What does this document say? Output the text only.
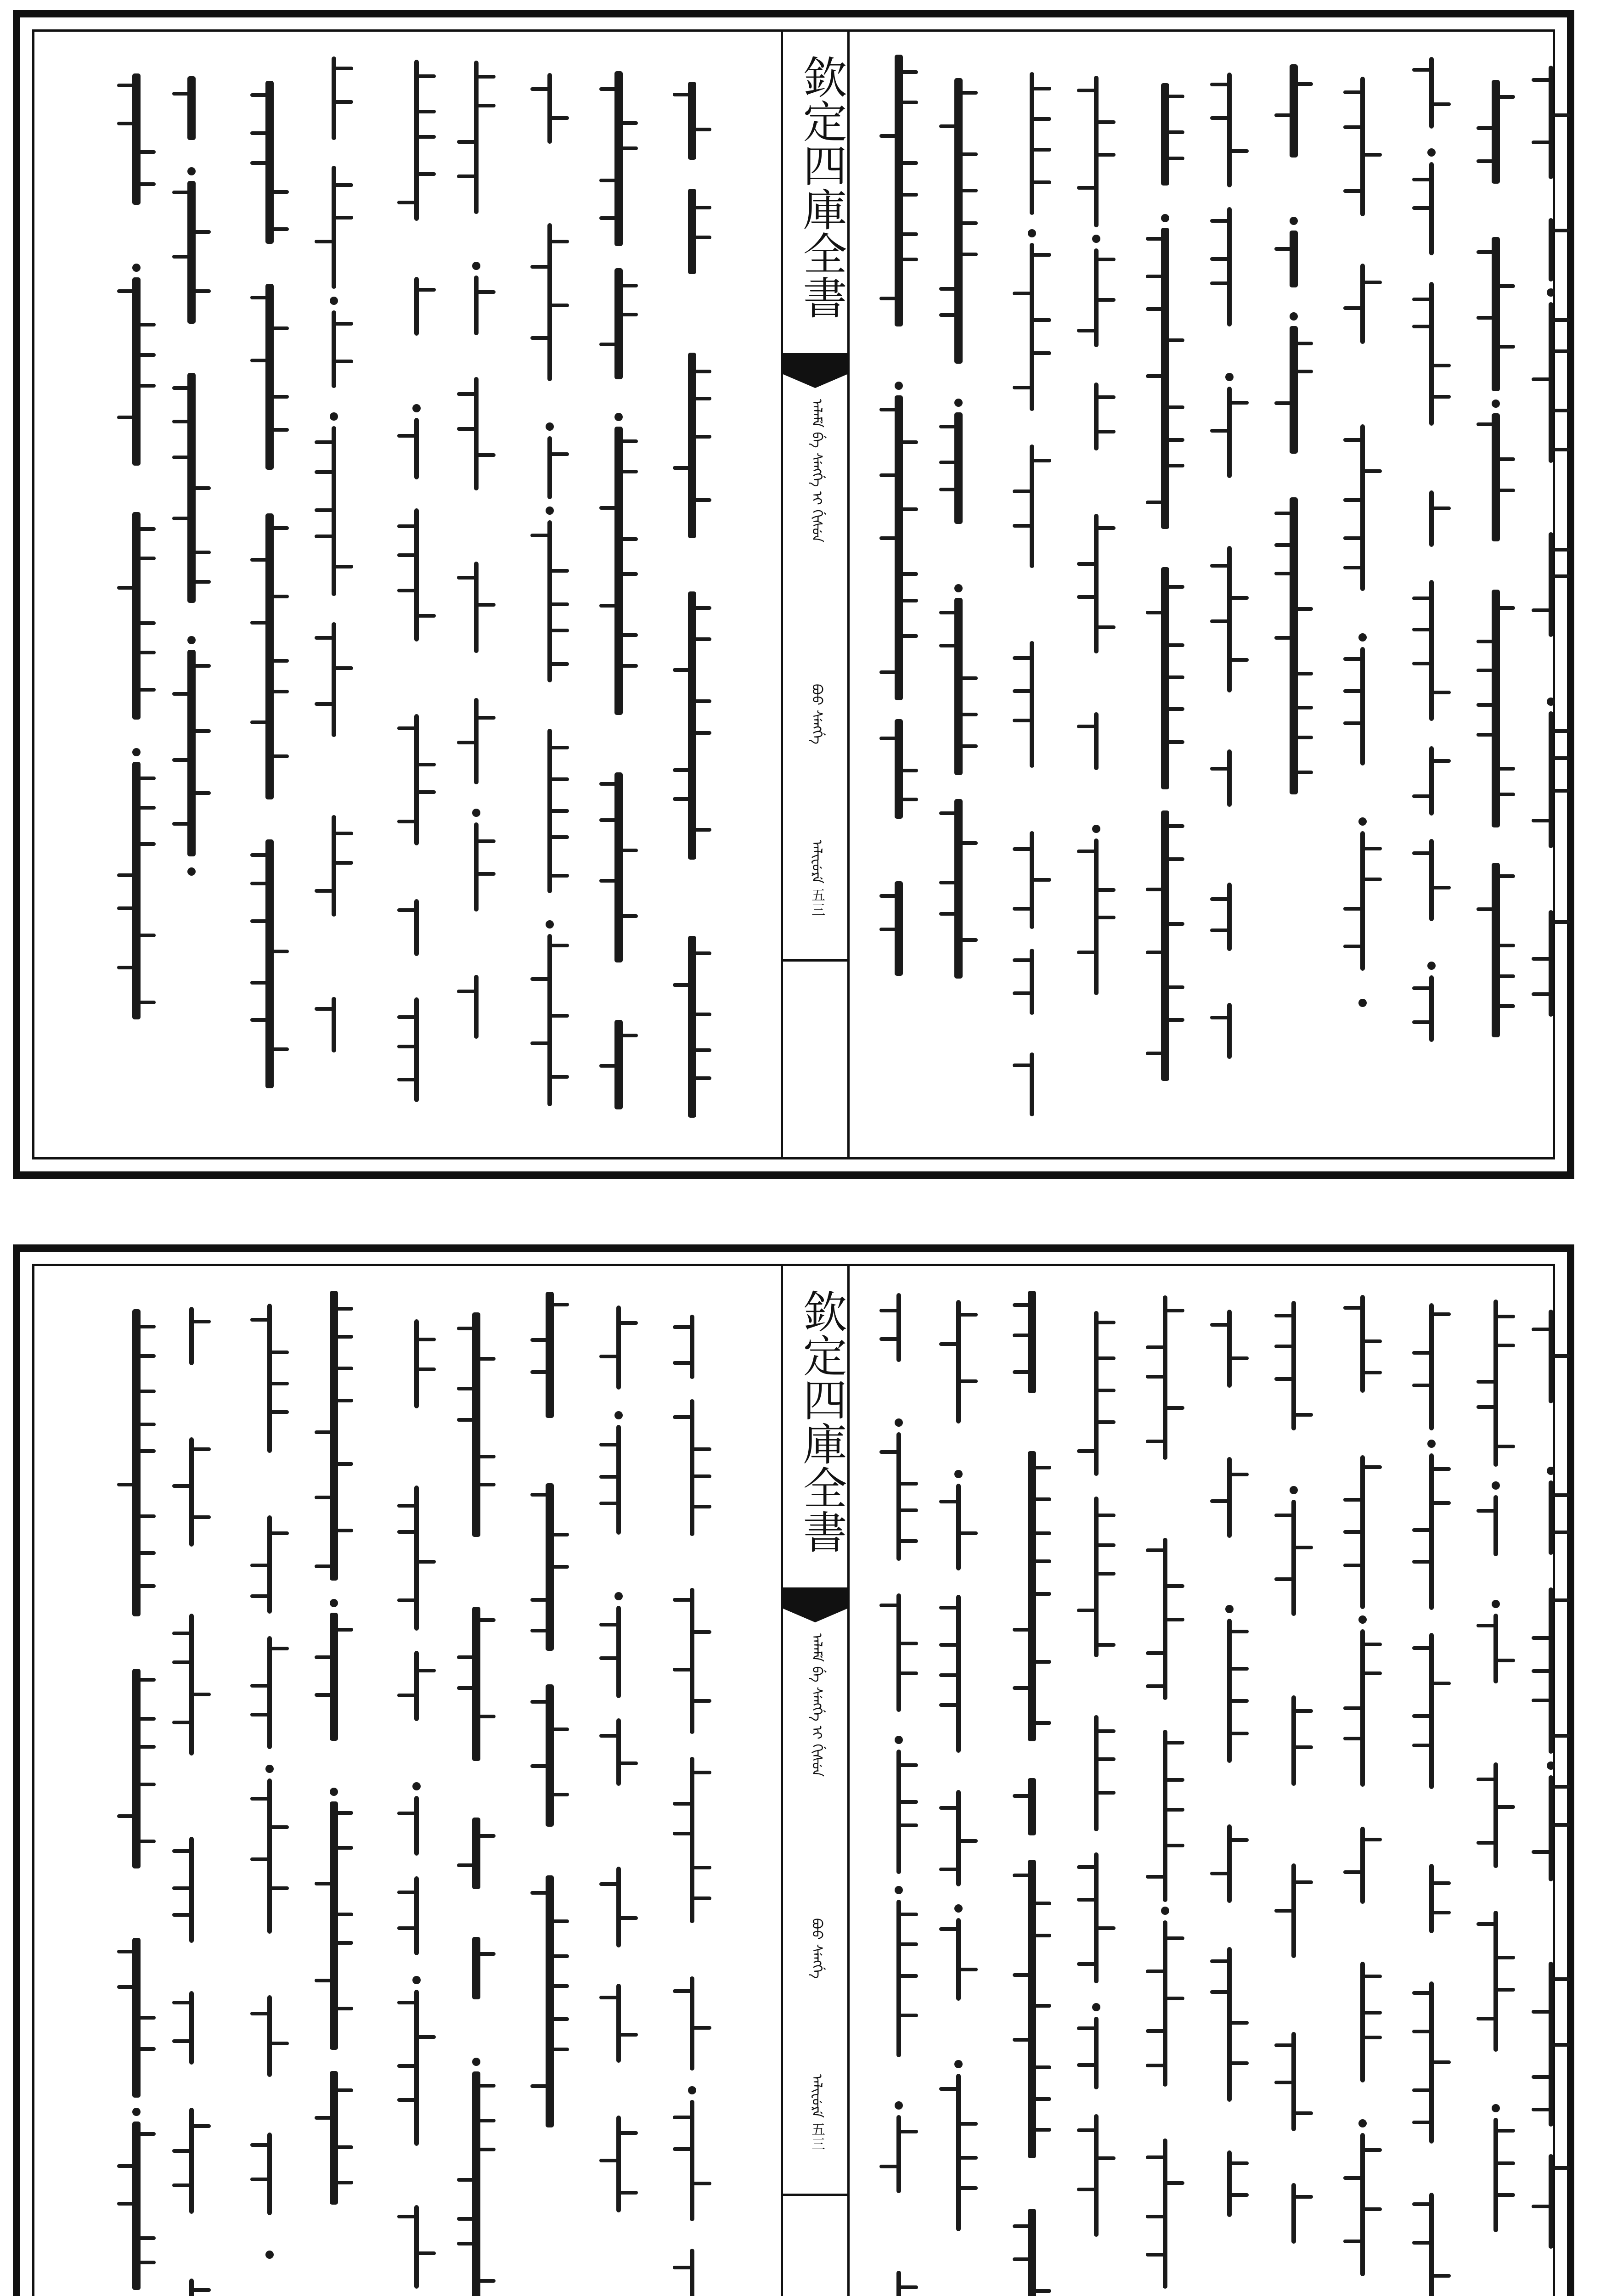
欽定四庫全書
ᠠᠯᠠᠮᡝ ᠪᡝ ᠰᡝᠩᡤᡝ ᡳ ᡤᡳᠰᡠᠨ
ᠪᠣᠣ ᠰᡝᠩᡤᡝ
ᠠᠯᡳᡶᡠᡵᡝ 五三
欽定四庫全書
ᠠᠯᠠᠮᡝ ᠪᡝ ᠰᡝᠩᡤᡝ ᡳ ᡤᡳᠰᡠᠨ
ᠪᠣᠣ ᠰᡝᠩᡤᡝ
ᠠᠯᡳᡶᡠᡵᡝ 五三
